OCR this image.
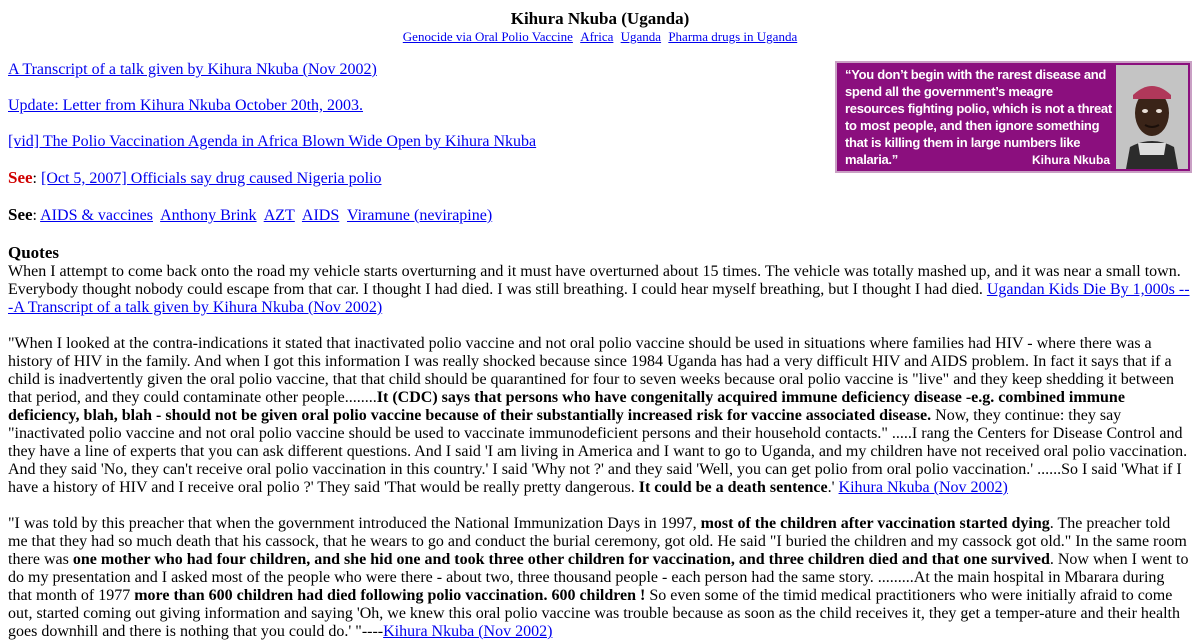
Kihura Nkuba (Uganda)
Genocide via Oral Polio Vaccine Africa Uganda Pharma drugs in Uganda
“You don’t begin with the rarest disease and spend all the government’s meagre resources fighting polio, which is not a threat to most people, and then ignore something that is killing them in large numbers like malaria.”	Kihura Nkuba

A Transcript of a talk given by Kihura Nkuba (Nov 2002)

Update: Letter from Kihura Nkuba October 20th, 2003.

[vid] The Polio Vaccination Agenda in Africa Blown Wide Open by Kihura Nkuba

See: [Oct 5, 2007] Officials say drug caused Nigeria polio

See: AIDS & vaccines Anthony Brink AZT AIDS Viramune (nevirapine)

Quotes

When I attempt to come back onto the road my vehicle starts overturning and it must have overturned about 15 times. The vehicle was totally mashed up, and it was near a small town. Everybody thought nobody could escape from that car. I thought I had died. I was still breathing. I could hear myself breathing, but I thought I had died. Ugandan Kids Die By 1,000s ---A Transcript of a talk given by Kihura Nkuba (Nov 2002)

"When I looked at the contra-indications it stated that inactivated polio vaccine and not oral polio vaccine should be used in situations where families had HIV - where there was a history of HIV in the family. And when I got this information I was really shocked because since 1984 Uganda has had a very difficult HIV and AIDS problem. In fact it says that if a child is inadvertently given the oral polio vaccine, that that child should be quarantined for four to seven weeks because oral polio vaccine is "live" and they keep shedding it between that period, and they could contaminate other people........It (CDC) says that persons who have congenitally acquired immune deficiency disease -e.g. combined immune deficiency, blah, blah - should not be given oral polio vaccine because of their substantially increased risk for vaccine associated disease. Now, they continue: they say "inactivated polio vaccine and not oral polio vaccine should be used to vaccinate immunodeficient persons and their household contacts." .....I rang the Centers for Disease Control and they have a line of experts that you can ask different questions. And I said 'I am living in America and I want to go to Uganda, and my children have not received oral polio vaccination. And they said 'No, they can't receive oral polio vaccination in this country.' I said 'Why not ?' and they said 'Well, you can get polio from oral polio vaccination.' ......So I said 'What if I have a history of HIV and I receive oral polio ?' They said 'That would be really pretty dangerous. It could be a death sentence.' Kihura Nkuba (Nov 2002)

"I was told by this preacher that when the government introduced the National Immunization Days in 1997, most of the children after vaccination started dying. The preacher told me that they had so much death that his cassock, that he wears to go and conduct the burial ceremony, got old. He said "I buried the children and my cassock got old." In the same room there was one mother who had four children, and she hid one and took three other children for vaccination, and three children died and that one survived. Now when I went to do my presentation and I asked most of the people who were there - about two, three thousand people - each person had the same story. .........At the main hospital in Mbarara during that month of 1977 more than 600 children had died following polio vaccination. 600 children ! So even some of the timid medical practitioners who were initially afraid to come out, started coming out giving information and saying 'Oh, we knew this oral polio vaccine was trouble because as soon as the child receives it, they get a temper-ature and their health goes downhill and there is nothing that you could do.' "----Kihura Nkuba (Nov 2002)
